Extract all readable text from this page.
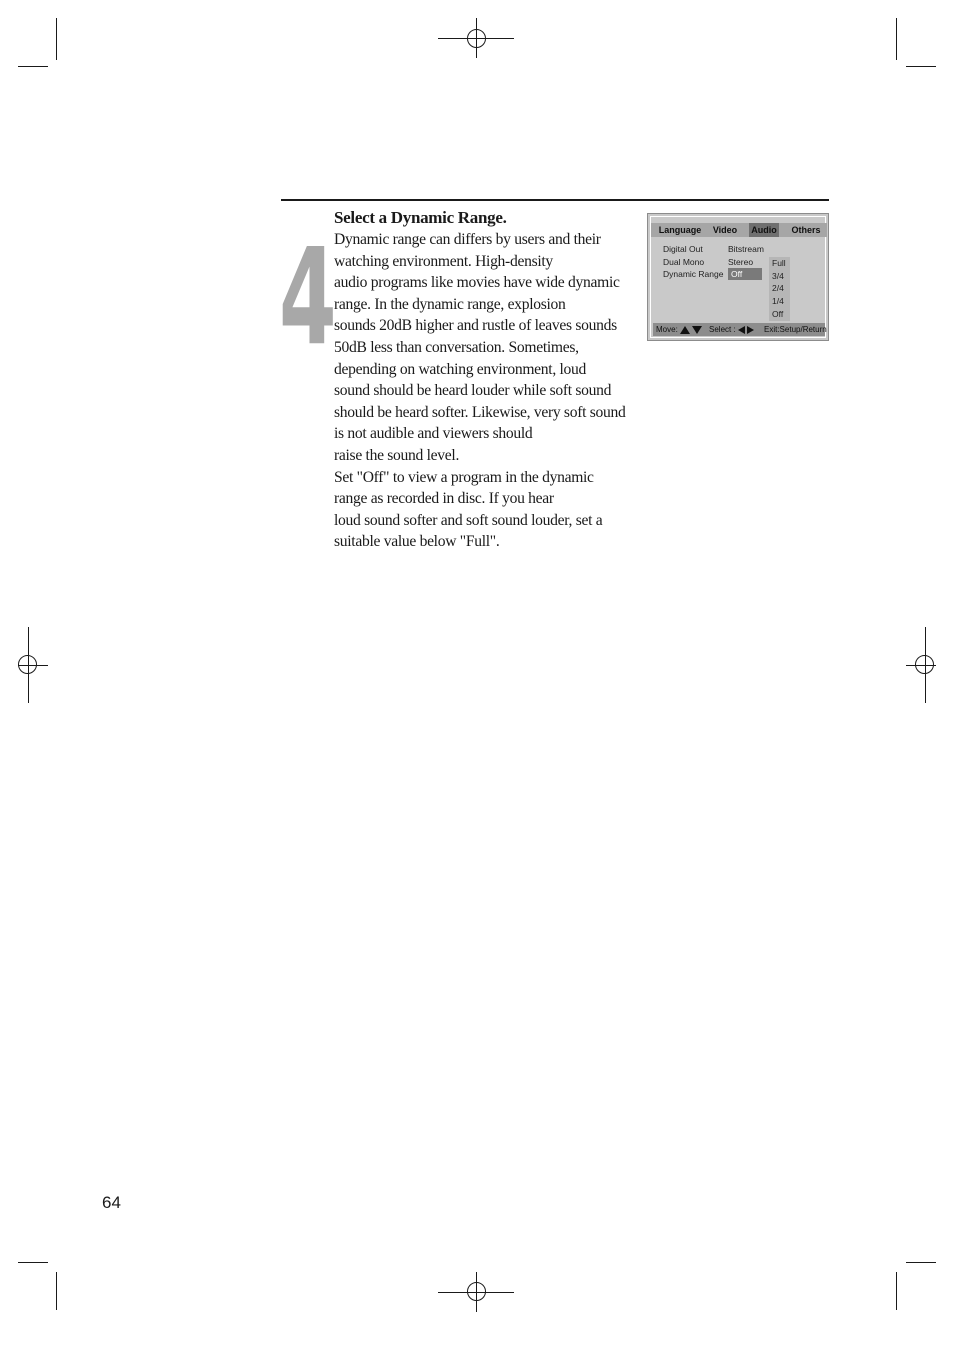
4
Select a Dynamic Range.
Dynamic range can differs by users and their
watching environment. High-density
audio programs like movies have wide dynamic
range. In the dynamic range, explosion
sounds 20dB higher and rustle of leaves sounds
50dB less than conversation. Sometimes,
depending on watching environment, loud
sound should be heard louder while soft sound
should be heard softer. Likewise, very soft sound
is not audible and viewers should
raise the sound level.
Set "Off" to view a program in the dynamic
range as recorded in disc. If you hear
loud sound softer and soft sound louder, set a
suitable value below "Full".
Language	Video	Audio	Others
Digital Out	Bitstream
Dual Mono	Stereo
Dynamic Range Off
Full
3/4
2/4
1/4
Off
Move:	Select :	Exit:Setup/Return
64
